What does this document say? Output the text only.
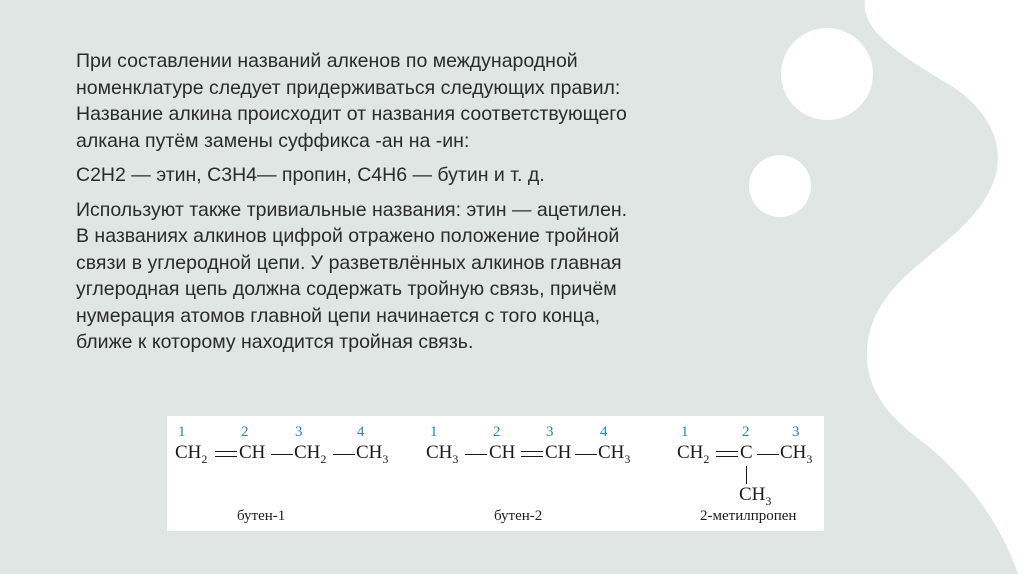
При составлении названий алкенов по международной
номенклатуре следует придерживаться следующих правил:
Название алкина происходит от названия соответствующего
алкана путём замены суффикса -ан на -ин:

С2Н2 — этин, С3Н4— пропин, С4Н6 — бутин и т. д.

Используют также тривиальные названия: этин — ацетилен.
В названиях алкинов цифрой отражено положение тройной
связи в углеродной цепи. У разветвлённых алкинов главная
углеродная цепь должна содержать тройную связь, причём
нумерация атомов главной цепи начинается с того конца,
ближе к которому находится тройная связь.

1	2	3	4
$CH_2$ CH $CH_2$ $CH_3$
бутен-1
1	2	3	4
$CH_3$ CH CH $CH_3$
бутен-2
1	2	3
$CH_2$ C $CH_3$
$CH_3$
2-метилпропен
